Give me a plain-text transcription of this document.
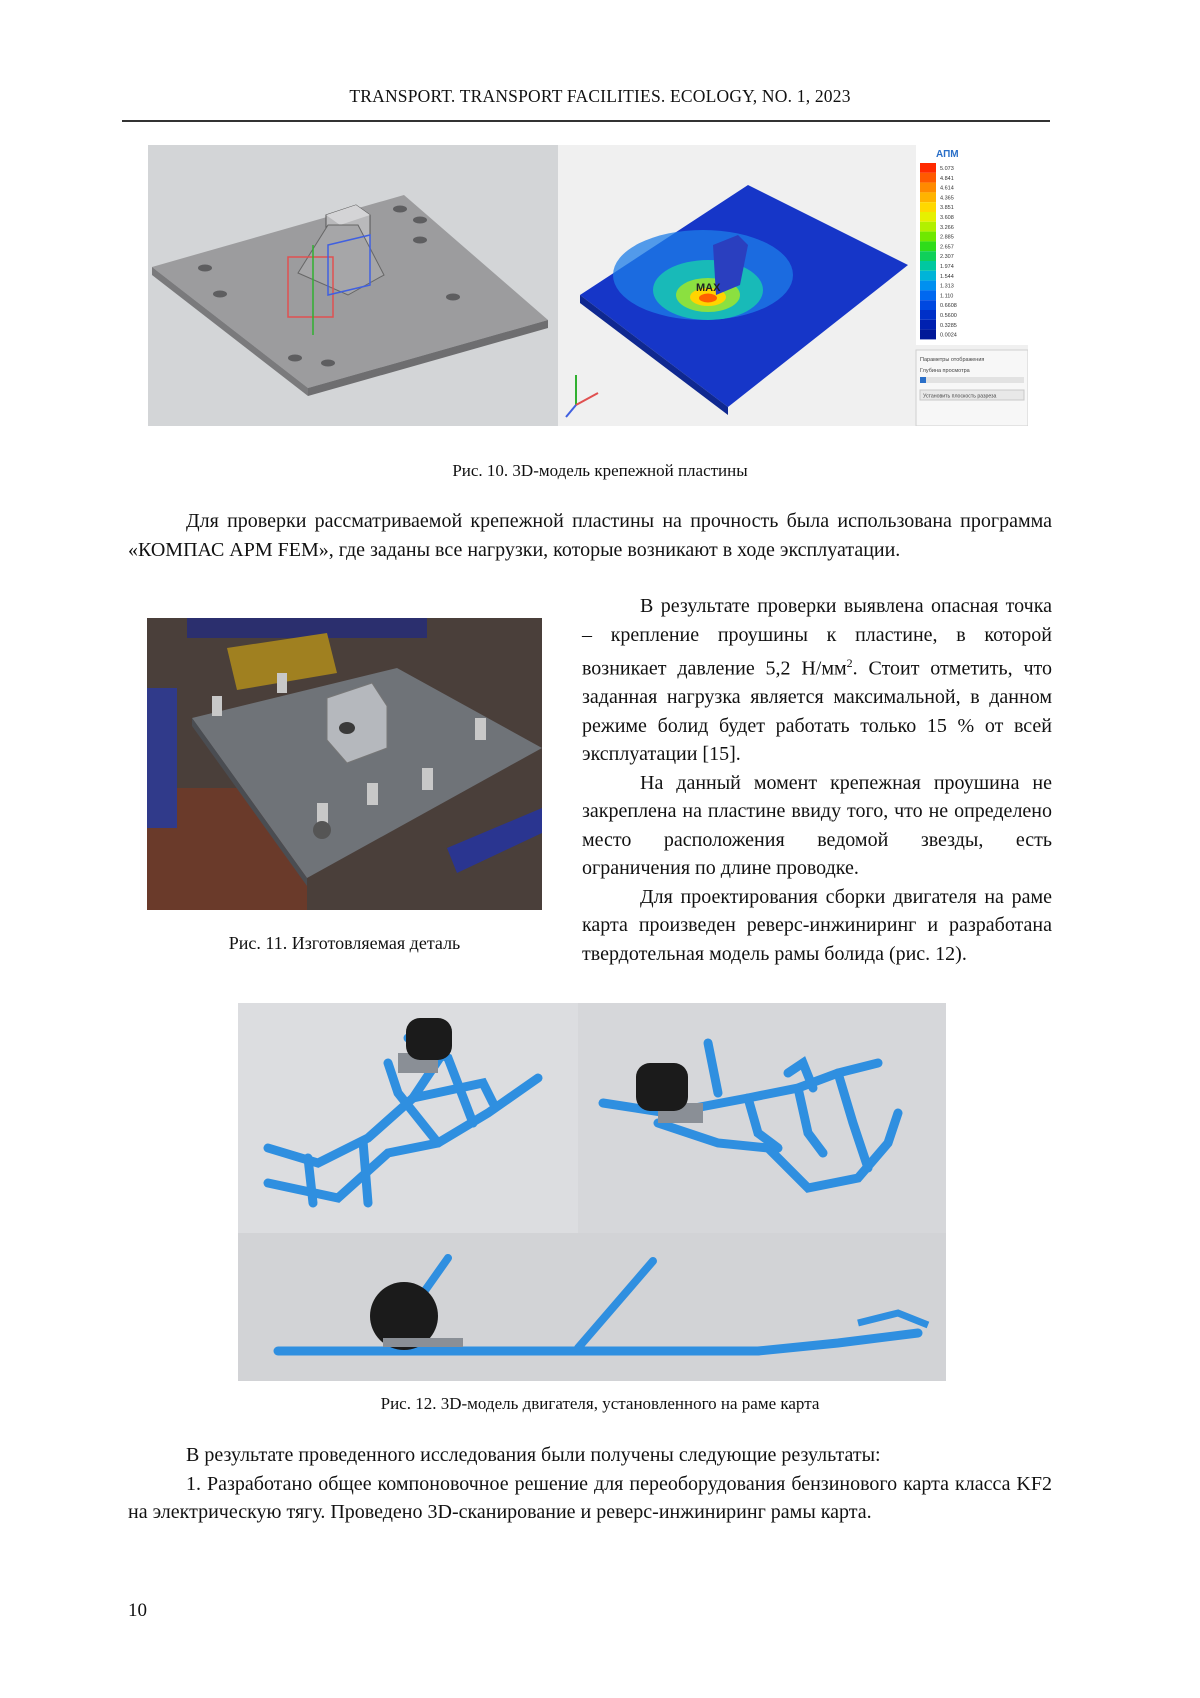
TRANSPORT. TRANSPORT FACILITIES. ECOLOGY, NO. 1, 2023
MAX
АПМ
5.073
4.841
4.614
4.365
3.851
3.608
3.266
2.885
2.657
2.307
1.974
1.544
1.313
1.110
0.6608
0.5600
0.3285
0.0024
Параметры отображения
Глубина просмотра
Установить плоскость разреза
Рис. 10. 3D-модель крепежной пластины

Для проверки рассматриваемой крепежной пластины на прочность была использована программа «КОМПАС APM FEM», где заданы все нагрузки, которые возникают в ходе эксплуатации.

Рис. 11. Изготовляемая деталь

В результате проверки выявлена опасная точка – крепление проушины к пластине, в которой возникает давление 5,2 Н/мм2. Стоит отметить, что заданная нагрузка является максимальной, в данном режиме болид будет работать только 15 % от всей эксплуатации [15].

На данный момент крепежная проушина не закреплена на пластине ввиду того, что не определено место расположения ведомой звезды, есть ограничения по длине проводке.

Для проектирования сборки двигателя на раме карта произведен реверс-инжиниринг и разработана твердотельная модель рамы болида (рис. 12).

Рис. 12. 3D-модель двигателя, установленного на раме карта

В результате проведенного исследования были получены следующие результаты:

1. Разработано общее компоновочное решение для переоборудования бензинового карта класса KF2 на электрическую тягу. Проведено 3D-сканирование и реверс-инжиниринг рамы карта.

10
